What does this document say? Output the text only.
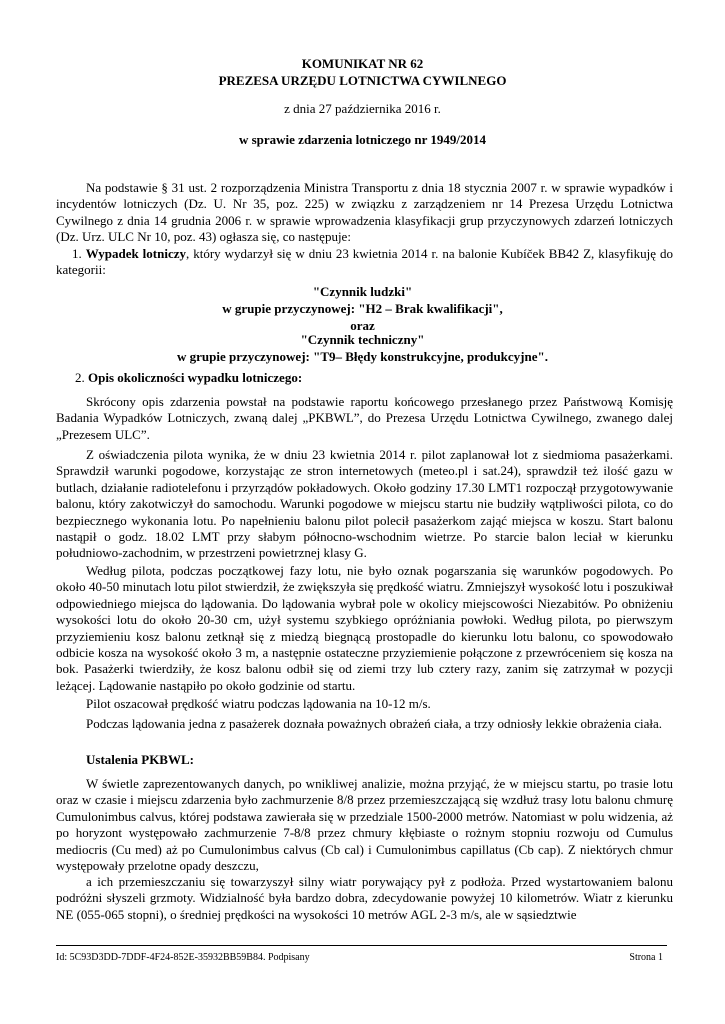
KOMUNIKAT NR 62
PREZESA URZĘDU LOTNICTWA CYWILNEGO
z dnia 27 października 2016 r.
w sprawie zdarzenia lotniczego nr 1949/2014
Na podstawie § 31 ust. 2 rozporządzenia Ministra Transportu z dnia 18 stycznia 2007 r. w sprawie wypadków i incydentów lotniczych (Dz. U. Nr 35, poz. 225) w związku z zarządzeniem nr 14 Prezesa Urzędu Lotnictwa Cywilnego z dnia 14 grudnia 2006 r. w sprawie wprowadzenia klasyfikacji grup przyczynowych zdarzeń lotniczych (Dz. Urz. ULC Nr 10, poz. 43) ogłasza się, co następuje:
1. Wypadek lotniczy, który wydarzył się w dniu 23 kwietnia 2014 r. na balonie Kubíček BB42 Z, klasyfikuję do kategorii:
"Czynnik ludzki"
w grupie przyczynowej: "H2 – Brak kwalifikacji",
oraz
"Czynnik techniczny"
w grupie przyczynowej: "T9– Błędy konstrukcyjne, produkcyjne".
2. Opis okoliczności wypadku lotniczego:
Skrócony opis zdarzenia powstał na podstawie raportu końcowego przesłanego przez Państwową Komisję Badania Wypadków Lotniczych, zwaną dalej „PKBWL”, do Prezesa Urzędu Lotnictwa Cywilnego, zwanego dalej „Prezesem ULC”.
Z oświadczenia pilota wynika, że w dniu 23 kwietnia 2014 r. pilot zaplanował lot z siedmioma pasażerkami. Sprawdził warunki pogodowe, korzystając ze stron internetowych (meteo.pl i sat.24), sprawdził też ilość gazu w butlach, działanie radiotelefonu i przyrządów pokładowych. Około godziny 17.30 LMT1 rozpoczął przygotowywanie balonu, który zakotwiczył do samochodu. Warunki pogodowe w miejscu startu nie budziły wątpliwości pilota, co do bezpiecznego wykonania lotu. Po napełnieniu balonu pilot polecił pasażerkom zająć miejsca w koszu. Start balonu nastąpił o godz. 18.02 LMT przy słabym północno-wschodnim wietrze. Po starcie balon leciał w kierunku południowo-zachodnim, w przestrzeni powietrznej klasy G.
Według pilota, podczas początkowej fazy lotu, nie było oznak pogarszania się warunków pogodowych. Po około 40-50 minutach lotu pilot stwierdził, że zwiększyła się prędkość wiatru. Zmniejszył wysokość lotu i poszukiwał odpowiedniego miejsca do lądowania. Do lądowania wybrał pole w okolicy miejscowości Niezabitów. Po obniżeniu wysokości lotu do około 20-30 cm, użył systemu szybkiego opróżniania powłoki. Według pilota, po pierwszym przyziemieniu kosz balonu zetknął się z miedzą biegnącą prostopadle do kierunku lotu balonu, co spowodowało odbicie kosza na wysokość około 3 m, a następnie ostateczne przyziemienie połączone z przewróceniem się kosza na bok. Pasażerki twierdziły, że kosz balonu odbił się od ziemi trzy lub cztery razy, zanim się zatrzymał w pozycji leżącej. Lądowanie nastąpiło po około godzinie od startu.
Pilot oszacował prędkość wiatru podczas lądowania na 10-12 m/s.
Podczas lądowania jedna z pasażerek doznała poważnych obrażeń ciała, a trzy odniosły lekkie obrażenia ciała.
Ustalenia PKBWL:
W świetle zaprezentowanych danych, po wnikliwej analizie, można przyjąć, że w miejscu startu, po trasie lotu oraz w czasie i miejscu zdarzenia było zachmurzenie 8/8 przez przemieszczającą się wzdłuż trasy lotu balonu chmurę Cumulonimbus calvus, której podstawa zawierała się w przedziale 1500-2000 metrów. Natomiast w polu widzenia, aż po horyzont występowało zachmurzenie 7-8/8 przez chmury kłębiaste o rożnym stopniu rozwoju od Cumulus mediocris (Cu med) aż po Cumulonimbus calvus (Cb cal) i Cumulonimbus capillatus (Cb cap). Z niektórych chmur występowały przelotne opady deszczu,
a ich przemieszczaniu się towarzyszył silny wiatr porywający pył z podłoża. Przed wystartowaniem balonu podróżni słyszeli grzmoty. Widzialność była bardzo dobra, zdecydowanie powyżej 10 kilometrów. Wiatr z kierunku NE (055-065 stopni), o średniej prędkości na wysokości 10 metrów AGL 2-3 m/s, ale w sąsiedztwie
Id: 5C93D3DD-7DDF-4F24-852E-35932BB59B84. Podpisany	Strona 1
